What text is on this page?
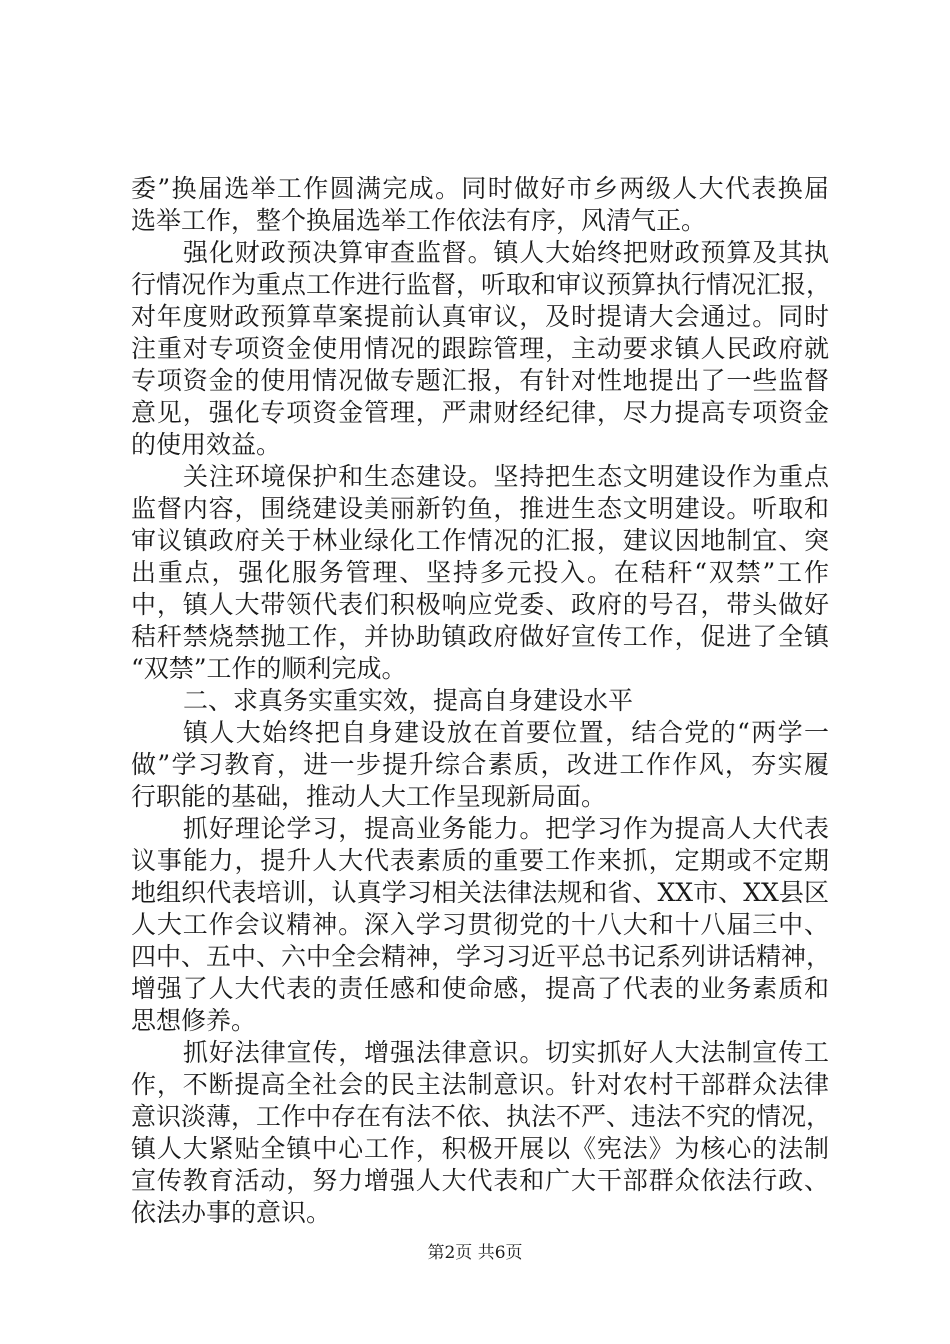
委”换届选举工作圆满完成。同时做好市乡两级人大代表换届
选举工作，整个换届选举工作依法有序，风清气正。
强化财政预决算审查监督。镇人大始终把财政预算及其执
行情况作为重点工作进行监督，听取和审议预算执行情况汇报，
对年度财政预算草案提前认真审议，及时提请大会通过。同时
注重对专项资金使用情况的跟踪管理，主动要求镇人民政府就
专项资金的使用情况做专题汇报，有针对性地提出了一些监督
意见，强化专项资金管理，严肃财经纪律，尽力提高专项资金
的使用效益。
关注环境保护和生态建设。坚持把生态文明建设作为重点
监督内容，围绕建设美丽新钓鱼，推进生态文明建设。听取和
审议镇政府关于林业绿化工作情况的汇报，建议因地制宜、突
出重点，强化服务管理、坚持多元投入。在秸秆“双禁”工作
中，镇人大带领代表们积极响应党委、政府的号召，带头做好
秸秆禁烧禁抛工作，并协助镇政府做好宣传工作，促进了全镇
“双禁”工作的顺利完成。
二、求真务实重实效，提高自身建设水平
镇人大始终把自身建设放在首要位置，结合党的“两学一
做”学习教育，进一步提升综合素质，改进工作作风，夯实履
行职能的基础，推动人大工作呈现新局面。
抓好理论学习，提高业务能力。把学习作为提高人大代表
议事能力，提升人大代表素质的重要工作来抓，定期或不定期
地组织代表培训，认真学习相关法律法规和省、XX市、XX县区
人大工作会议精神。深入学习贯彻党的十八大和十八届三中、
四中、五中、六中全会精神，学习习近平总书记系列讲话精神，
增强了人大代表的责任感和使命感，提高了代表的业务素质和
思想修养。
抓好法律宣传，增强法律意识。切实抓好人大法制宣传工
作，不断提高全社会的民主法制意识。针对农村干部群众法律
意识淡薄，工作中存在有法不依、执法不严、违法不究的情况，
镇人大紧贴全镇中心工作，积极开展以《宪法》为核心的法制
宣传教育活动，努力增强人大代表和广大干部群众依法行政、
依法办事的意识。
第2页 共6页
